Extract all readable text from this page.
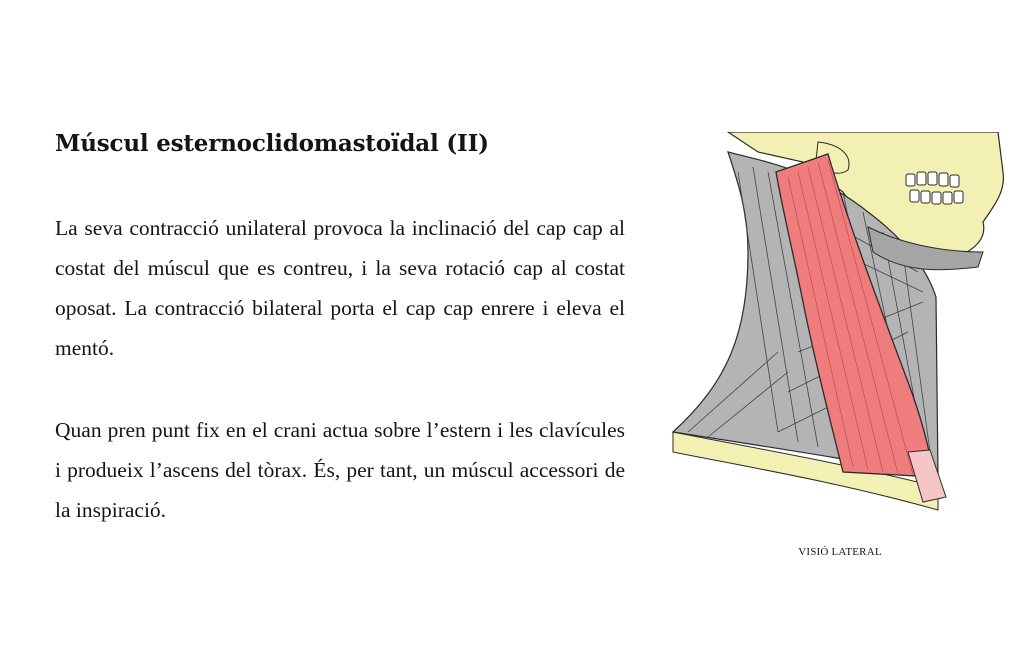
Múscul esternoclidomastoïdal (II)

La seva contracció unilateral provoca la inclinació del cap cap al costat del múscul que es contreu, i la seva rotació cap al costat oposat. La contracció bilateral porta el cap cap enrere i eleva el mentó.

Quan pren punt fix en el crani actua sobre l’estern i les clavícules i produeix l’ascens del tòrax. És, per tant, un múscul accessori de la inspiració.

VISIÓ LATERAL
